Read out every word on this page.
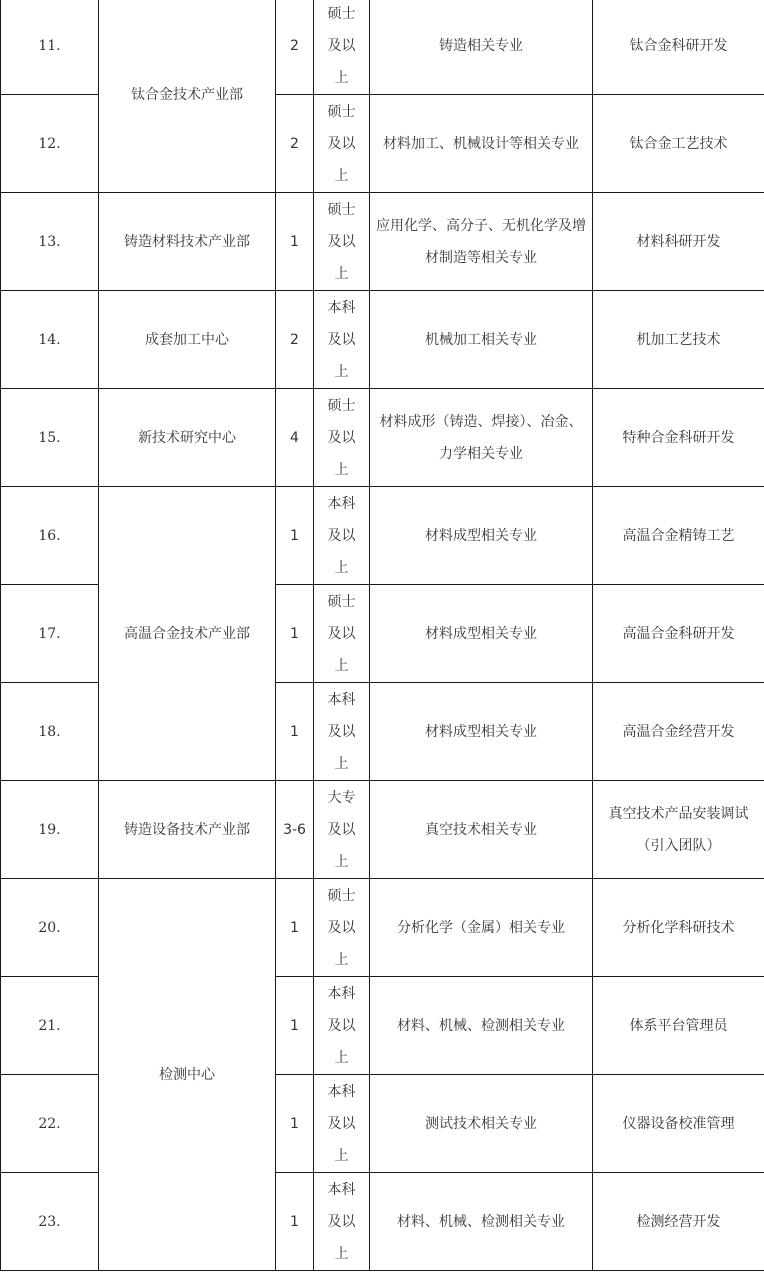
11.	钛合金技术产业部	2	硕士及以上	铸造相关专业	钛合金科研开发
12.		2	硕士及以上	材料加工、机械设计等相关专业	钛合金工艺技术
13.	铸造材料技术产业部	1	硕士及以上	应用化学、高分子、无机化学及增材制造等相关专业	材料科研开发
14.	成套加工中心	2	本科及以上	机械加工相关专业	机加工艺技术
15.	新技术研究中心	4	硕士及以上	材料成形（铸造、焊接）、冶金、力学相关专业	特种合金科研开发
16.	高温合金技术产业部	1	本科及以上	材料成型相关专业	高温合金精铸工艺
17.		1	硕士及以上	材料成型相关专业	高温合金科研开发
18.		1	本科及以上	材料成型相关专业	高温合金经营开发
19.	铸造设备技术产业部	3-6	大专及以上	真空技术相关专业	真空技术产品安装调试（引入团队）
20.	检测中心	1	硕士及以上	分析化学（金属）相关专业	分析化学科研技术
21.		1	本科及以上	材料、机械、检测相关专业	体系平台管理员
22.		1	本科及以上	测试技术相关专业	仪器设备校准管理
23.		1	本科及以上	材料、机械、检测相关专业	检测经营开发
